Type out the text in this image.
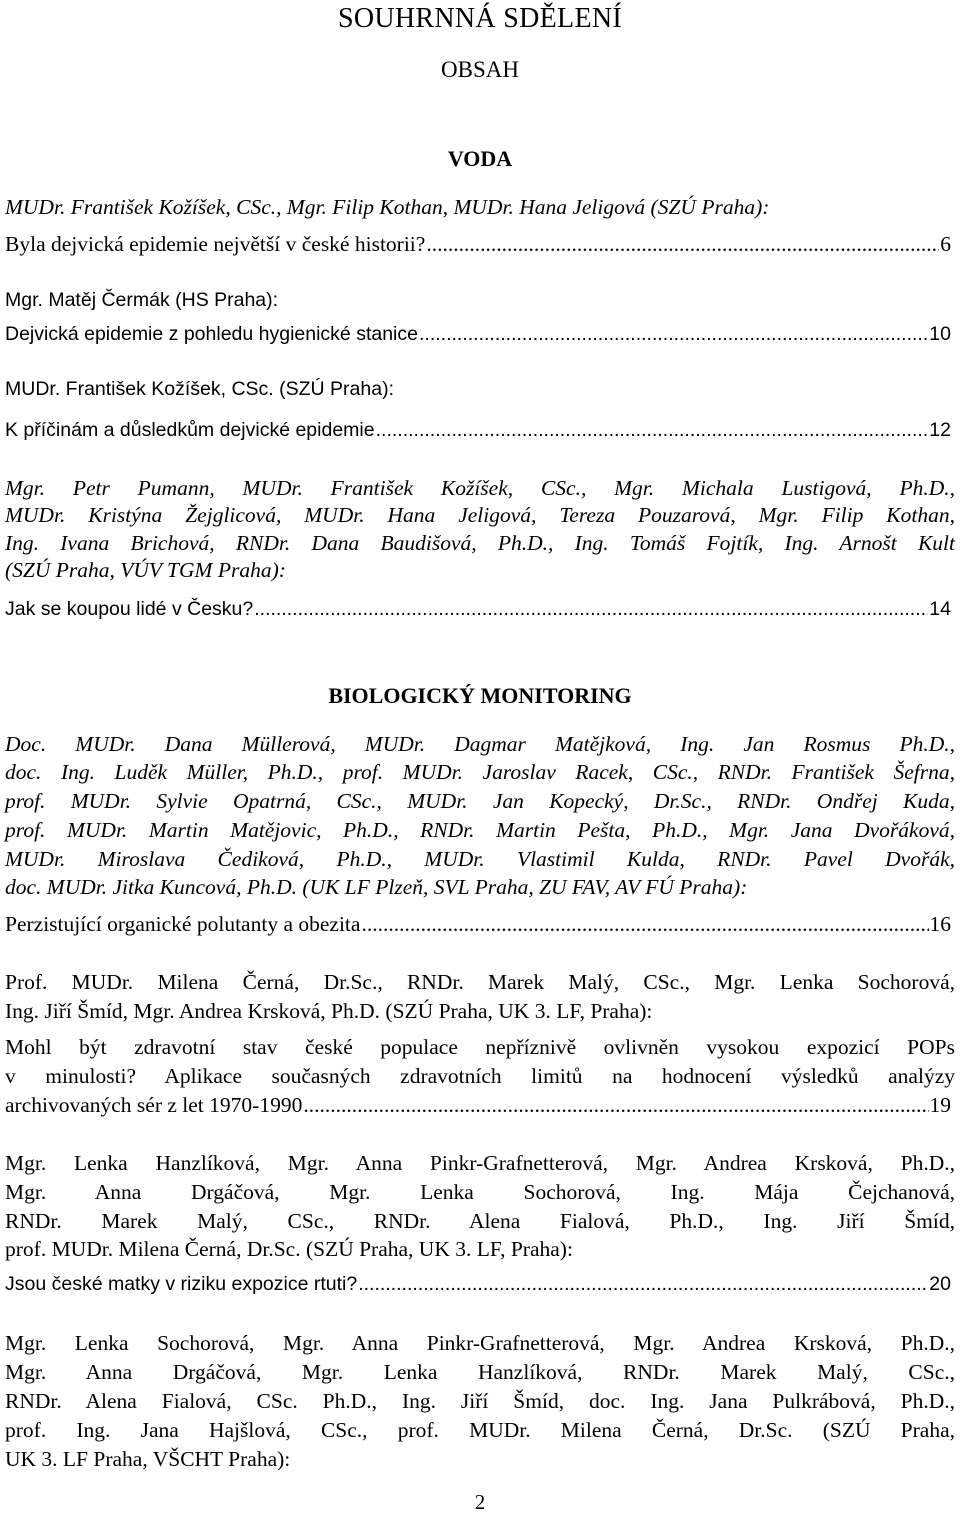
SOUHRNNÁ SDĚLENÍ
OBSAH
VODA
MUDr. František Kožíšek, CSc., Mgr. Filip Kothan, MUDr. Hana Jeligová (SZÚ Praha):
Byla dejvická epidemie největší v české historii? .....	6
Mgr. Matěj Čermák (HS Praha):
Dejvická epidemie z pohledu hygienické stanice .....	10
MUDr. František Kožíšek, CSc. (SZÚ Praha):
K příčinám a důsledkům dejvické epidemie .....	12
Mgr. Petr Pumann, MUDr. František Kožíšek, CSc., Mgr. Michala Lustigová, Ph.D.,
MUDr. Kristýna Žejglicová, MUDr. Hana Jeligová, Tereza Pouzarová, Mgr. Filip Kothan,
Ing. Ivana Brichová, RNDr. Dana Baudišová, Ph.D., Ing. Tomáš Fojtík, Ing. Arnošt Kult
(SZÚ Praha, VÚV TGM Praha):
Jak se koupou lidé v Česku? .....	14
BIOLOGICKÝ MONITORING
Doc. MUDr. Dana Müllerová, MUDr. Dagmar Matějková, Ing. Jan Rosmus Ph.D.,
doc. Ing. Luděk Müller, Ph.D., prof. MUDr. Jaroslav Racek, CSc., RNDr. František Šefrna,
prof. MUDr. Sylvie Opatrná, CSc., MUDr. Jan Kopecký, Dr.Sc., RNDr. Ondřej Kuda,
prof. MUDr. Martin Matějovic, Ph.D., RNDr. Martin Pešta, Ph.D., Mgr. Jana Dvořáková,
MUDr. Miroslava Čediková, Ph.D., MUDr. Vlastimil Kulda, RNDr. Pavel Dvořák,
doc. MUDr. Jitka Kuncová, Ph.D. (UK LF Plzeň, SVL Praha, ZU FAV, AV FÚ Praha):
Perzistující organické polutanty a obezita .....	16
Prof. MUDr. Milena Černá, Dr.Sc., RNDr. Marek Malý, CSc., Mgr. Lenka Sochorová,
Ing. Jiří Šmíd, Mgr. Andrea Krsková, Ph.D. (SZÚ Praha, UK 3. LF, Praha):
Mohl být zdravotní stav české populace nepříznivě ovlivněn vysokou expozicí POPs
v minulosti? Aplikace současných zdravotních limitů na hodnocení výsledků analýzy
archivovaných sér z let 1970-1990 .....	19
Mgr. Lenka Hanzlíková, Mgr. Anna Pinkr-Grafnetterová, Mgr. Andrea Krsková, Ph.D.,
Mgr. Anna Drgáčová, Mgr. Lenka Sochorová, Ing. Mája Čejchanová,
RNDr. Marek Malý, CSc., RNDr. Alena Fialová, Ph.D., Ing. Jiří Šmíd,
prof. MUDr. Milena Černá, Dr.Sc. (SZÚ Praha, UK 3. LF, Praha):
Jsou české matky v riziku expozice rtuti? .....	20
Mgr. Lenka Sochorová, Mgr. Anna Pinkr-Grafnetterová, Mgr. Andrea Krsková, Ph.D.,
Mgr. Anna Drgáčová, Mgr. Lenka Hanzlíková, RNDr. Marek Malý, CSc.,
RNDr. Alena Fialová, CSc. Ph.D., Ing. Jiří Šmíd, doc. Ing. Jana Pulkrábová, Ph.D.,
prof. Ing. Jana Hajšlová, CSc., prof. MUDr. Milena Černá, Dr.Sc. (SZÚ Praha,
UK 3. LF Praha, VŠCHT Praha):
2
